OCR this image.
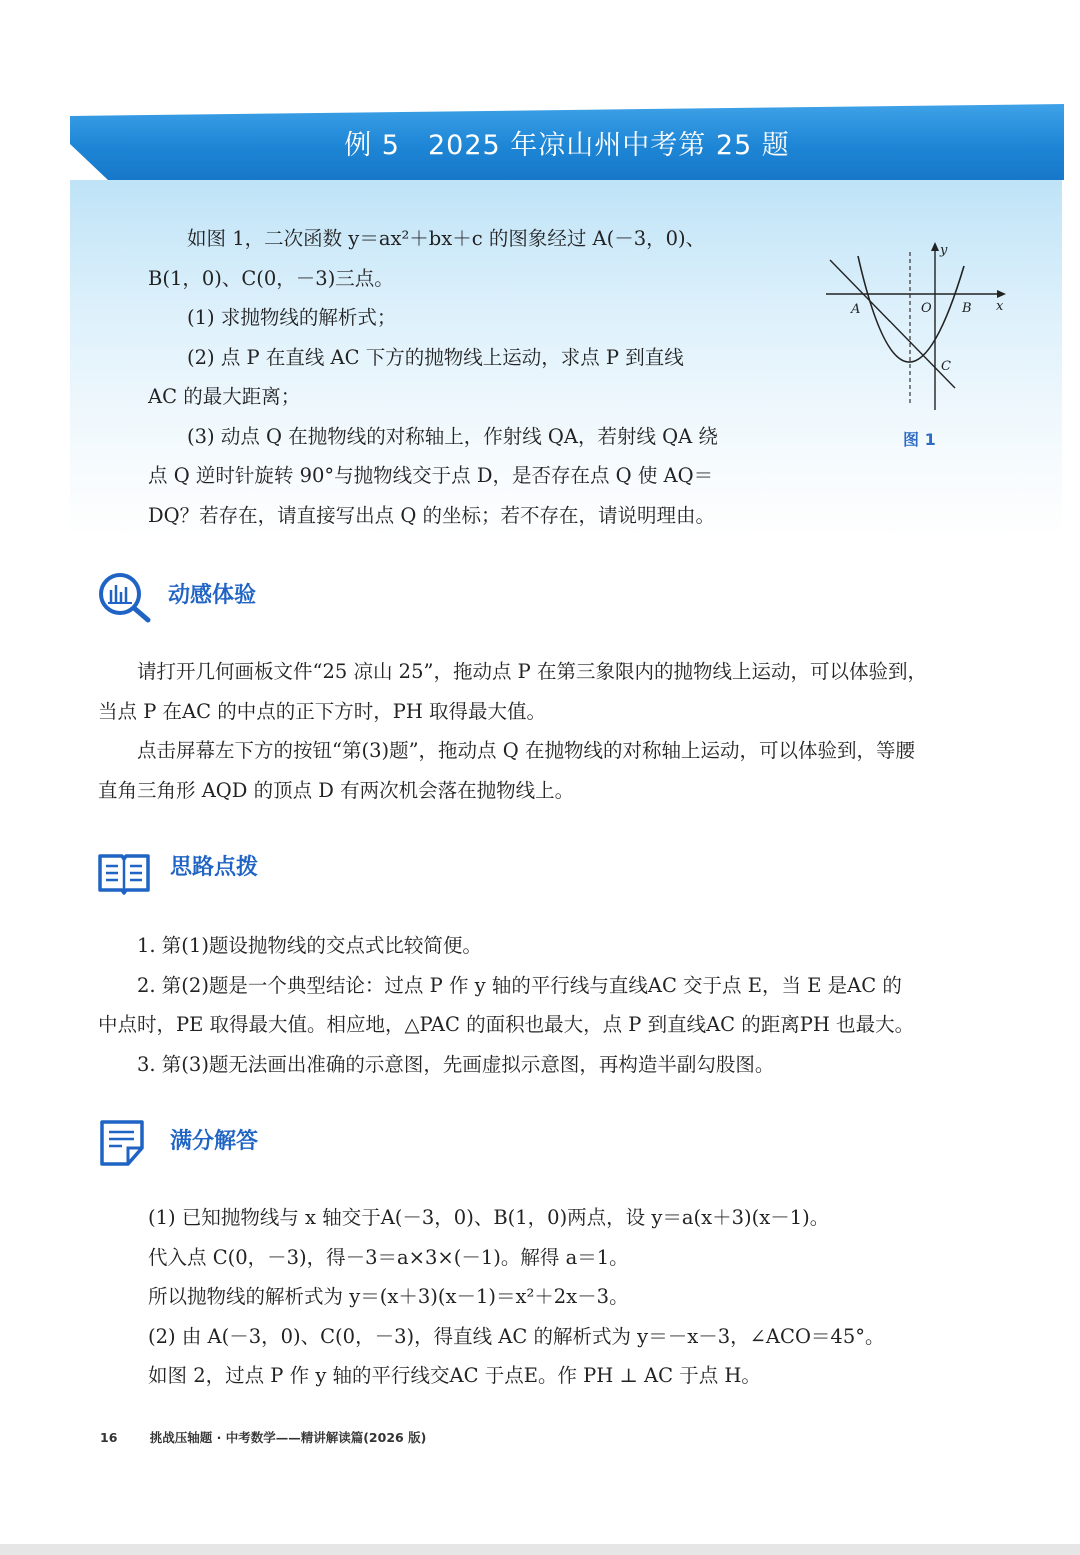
例 5　2025 年凉山州中考第 25 题

如图 1，二次函数 y＝ax²＋bx＋c 的图象经过 A(－3，0)、

B(1，0)、C(0，－3)三点。

(1) 求抛物线的解析式；

(2) 点 P 在直线 AC 下方的抛物线上运动，求点 P 到直线

AC 的最大距离；

(3) 动点 Q 在抛物线的对称轴上，作射线 QA，若射线 QA 绕

点 Q 逆时针旋转 90°与抛物线交于点 D，是否存在点 Q 使 AQ＝

DQ？若存在，请直接写出点 Q 的坐标；若不存在，请说明理由。

y
x
A	O B
C
图 1
动感体验

请打开几何画板文件“25 凉山 25”，拖动点 P 在第三象限内的抛物线上运动，可以体验到，

当点 P 在AC 的中点的正下方时，PH 取得最大值。

点击屏幕左下方的按钮“第(3)题”，拖动点 Q 在抛物线的对称轴上运动，可以体验到，等腰

直角三角形 AQD 的顶点 D 有两次机会落在抛物线上。

思路点拨

1. 第(1)题设抛物线的交点式比较简便。

2. 第(2)题是一个典型结论：过点 P 作 y 轴的平行线与直线AC 交于点 E，当 E 是AC 的

中点时，PE 取得最大值。相应地，△PAC 的面积也最大，点 P 到直线AC 的距离PH 也最大。

3. 第(3)题无法画出准确的示意图，先画虚拟示意图，再构造半副勾股图。

满分解答

(1) 已知抛物线与 x 轴交于A(－3，0)、B(1，0)两点，设 y＝a(x＋3)(x－1)。

代入点 C(0，－3)，得－3＝a×3×(－1)。解得 a＝1。

所以抛物线的解析式为 y＝(x＋3)(x－1)＝x²＋2x－3。

(2) 由 A(－3，0)、C(0，－3)，得直线 AC 的解析式为 y＝－x－3，∠ACO＝45°。

如图 2，过点 P 作 y 轴的平行线交AC 于点E。作 PH ⊥ AC 于点 H。

16	挑战压轴题 · 中考数学——精讲解读篇(2026 版)
